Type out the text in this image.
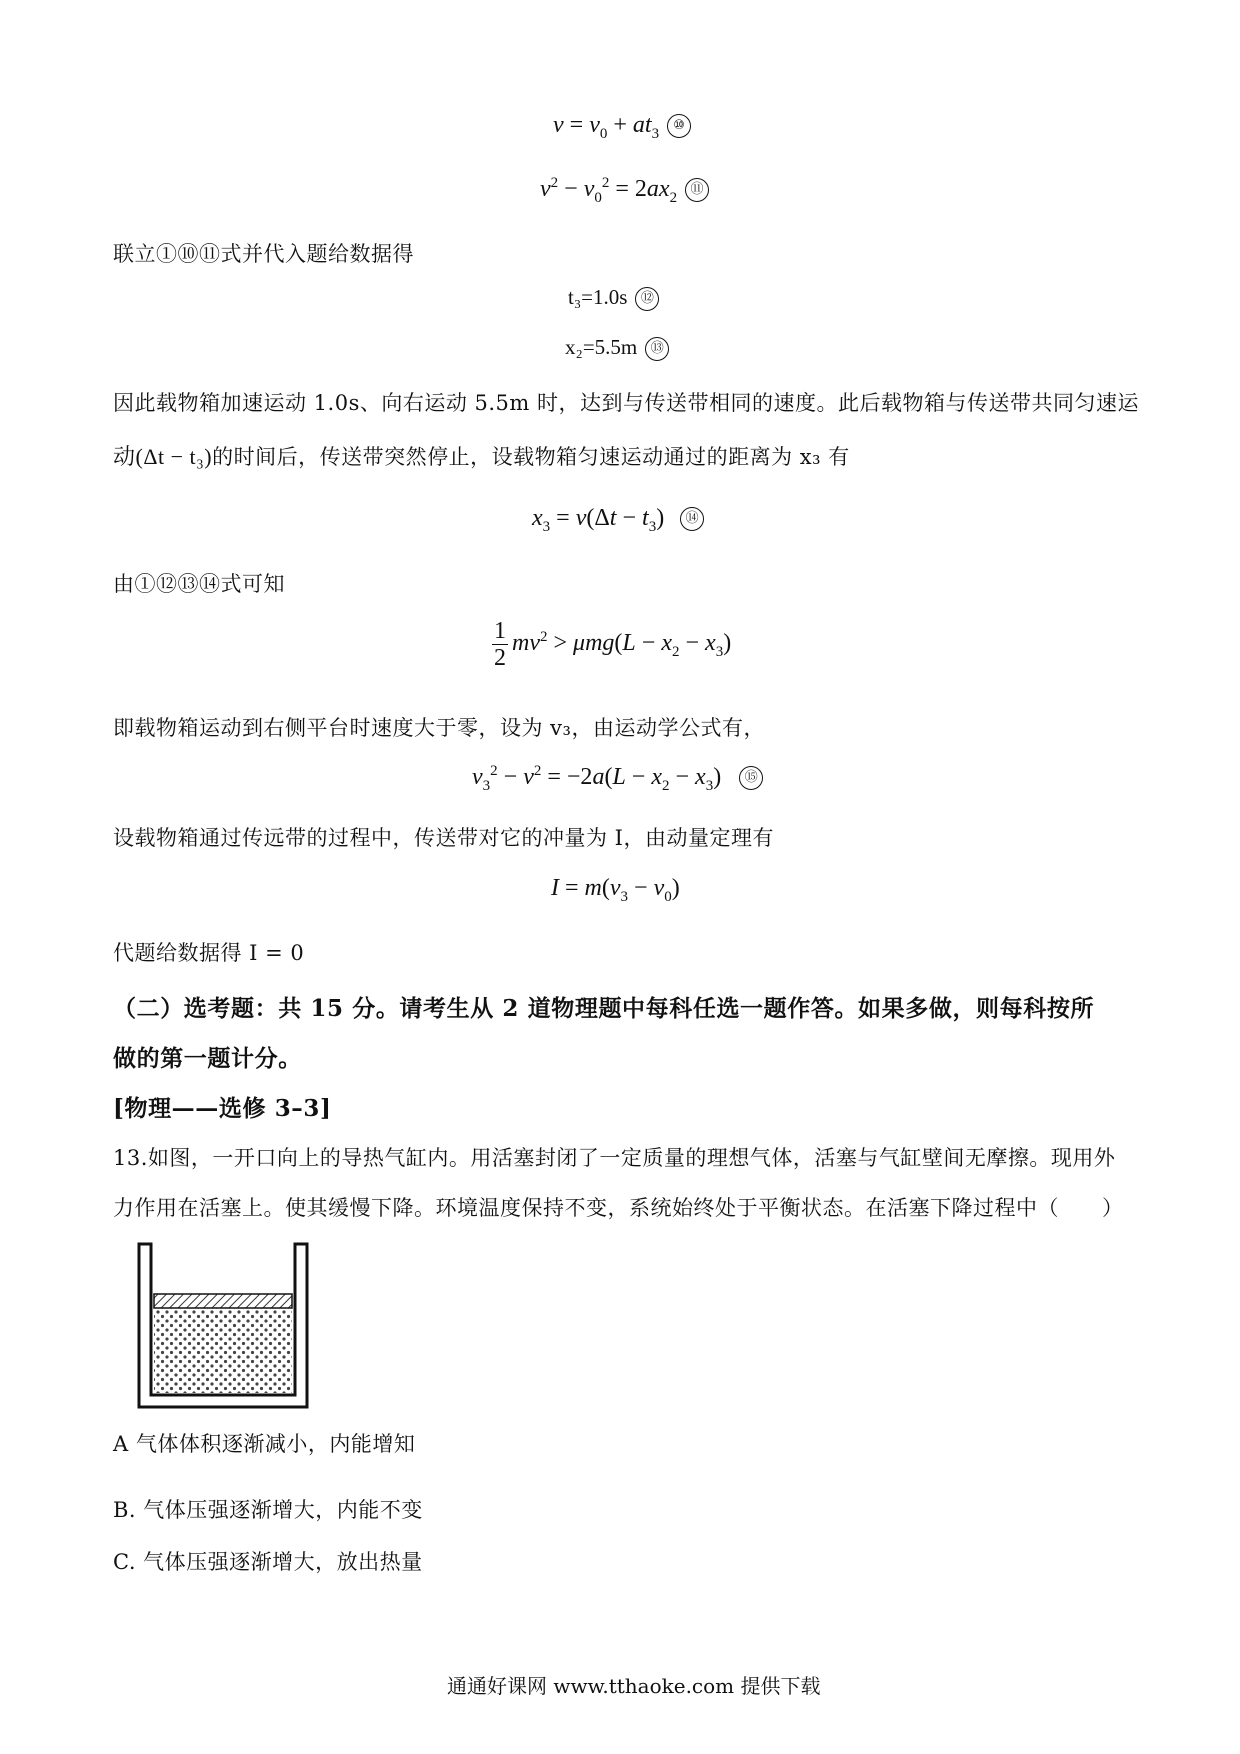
$v = v_0 + at_3$ ⑩
$v^2 - v_0^2 = 2ax_2$ ⑪
联立①⑩⑪式并代入题给数据得
t₃=1.0s ⑫
x₂=5.5m ⑬
因此载物箱加速运动 1.0s、向右运动 5.5m 时，达到与传送带相同的速度。此后载物箱与传送带共同匀速运
动(Δt − t₃)的时间后，传送带突然停止，设载物箱匀速运动通过的距离为 x₃ 有
$x_3 = v(\Delta t - t_3)$ ⑭
由①⑫⑬⑭式可知
$\frac{1}{2} mv^2 > \mu mg(L - x_2 - x_3)$
即载物箱运动到右侧平台时速度大于零，设为 v₃，由运动学公式有，
$v_3^2 - v^2 = -2a(L - x_2 - x_3)$ ⑮
设载物箱通过传远带的过程中，传送带对它的冲量为 I，由动量定理有
$I = m(v_3 - v_0)$
代题给数据得 I = 0
（二）选考题：共 15 分。请考生从 2 道物理题中每科任选一题作答。如果多做，则每科按所
做的第一题计分。
[物理——选修 3–3]
13.如图，一开口向上的导热气缸内。用活塞封闭了一定质量的理想气体，活塞与气缸壁间无摩擦。现用外
力作用在活塞上。使其缓慢下降。环境温度保持不变，系统始终处于平衡状态。在活塞下降过程中（　　）
A 气体体积逐渐减小，内能增知
B. 气体压强逐渐增大，内能不变
C. 气体压强逐渐增大，放出热量
通通好课网 www.tthaoke.com 提供下载
